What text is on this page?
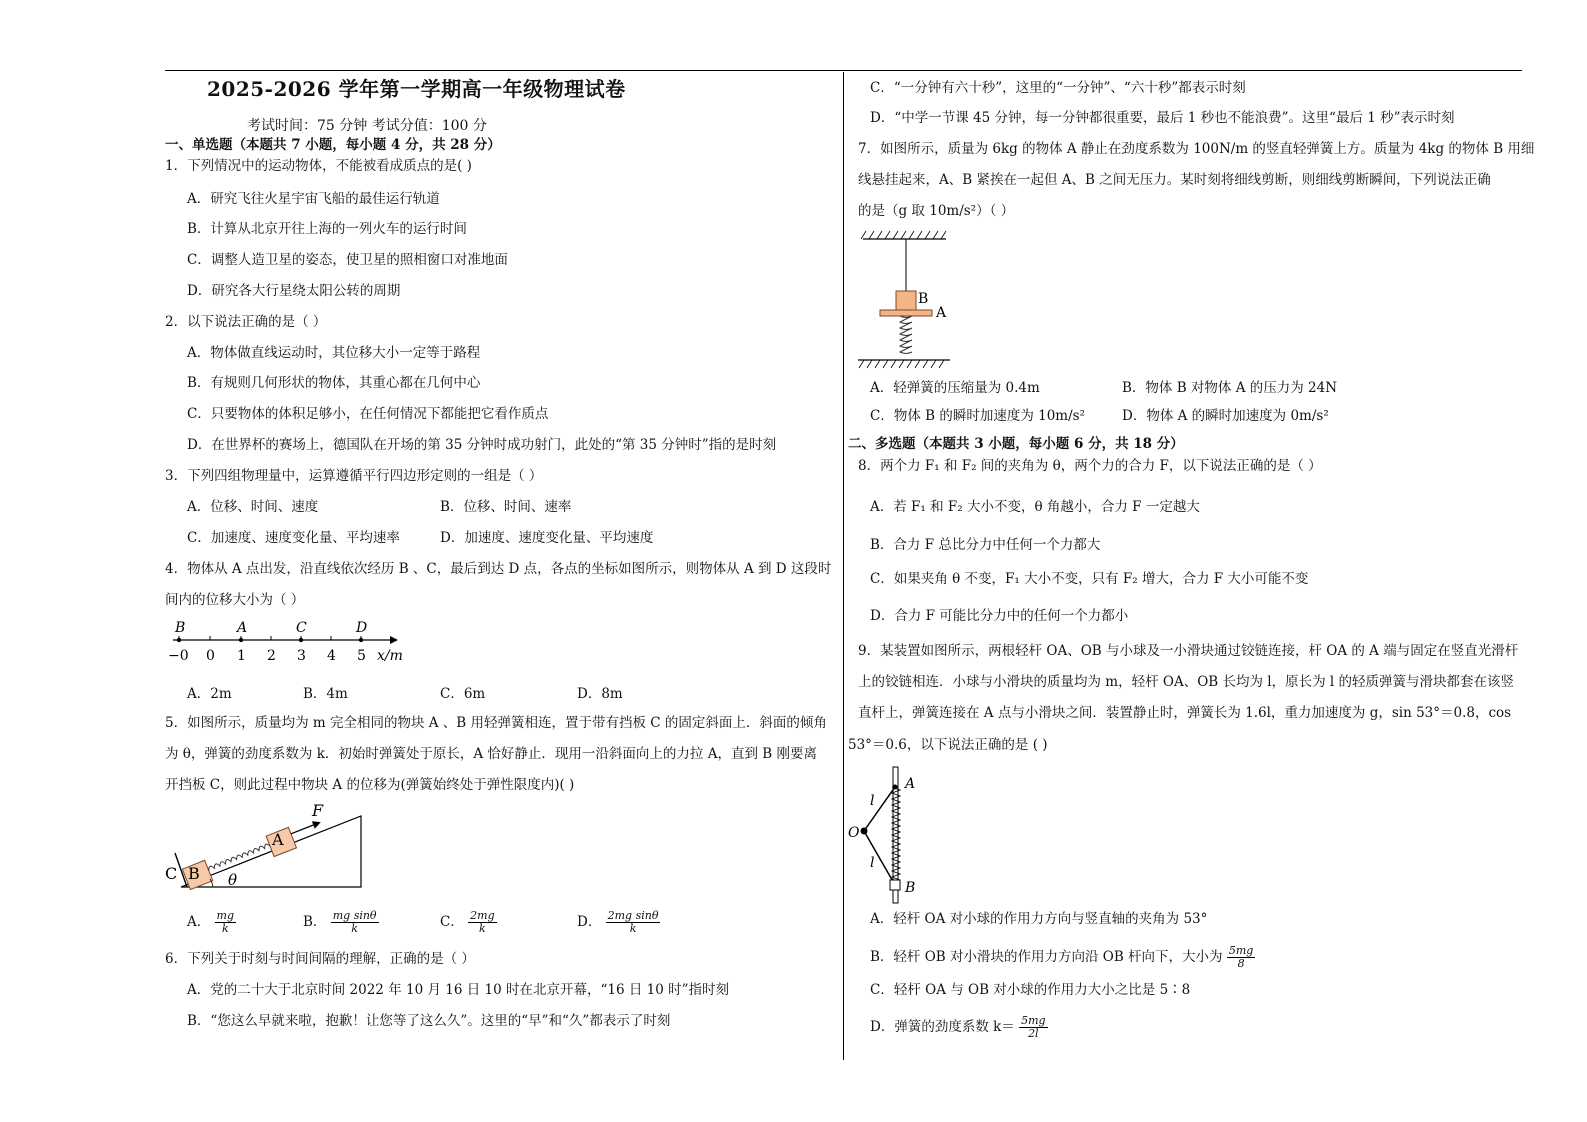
2025-2026 学年第一学期高一年级物理试卷
考试时间：75 分钟 考试分值：100 分
一、单选题（本题共 7 小题，每小题 4 分，共 28 分）
1．下列情况中的运动物体，不能被看成质点的是( )
A．研究飞往火星宇宙飞船的最佳运行轨道
B．计算从北京开往上海的一列火车的运行时间
C．调整人造卫星的姿态，使卫星的照相窗口对准地面
D．研究各大行星绕太阳公转的周期
2．以下说法正确的是（ ）
A．物体做直线运动时，其位移大小一定等于路程
B．有规则几何形状的物体，其重心都在几何中心
C．只要物体的体积足够小，在任何情况下都能把它看作质点
D．在世界杯的赛场上，德国队在开场的第 35 分钟时成功射门，此处的“第 35 分钟时”指的是时刻
3．下列四组物理量中，运算遵循平行四边形定则的一组是（ ）
A．位移、时间、速度	B．位移、时间、速率
C．加速度、速度变化量、平均速率	D．加速度、速度变化量、平均速度
4．物体从 A 点出发，沿直线依次经历 B 、C，最后到达 D 点，各点的坐标如图所示，则物体从 A 到 D 这段时
间内的位移大小为（ ）
B	A	C	D
−0 0 1 2 3 4 5 x/m
A．2m	B．4m	C．6m	D．8m
5．如图所示，质量均为 m 完全相同的物块 A 、B 用轻弹簧相连，置于带有挡板 C 的固定斜面上．斜面的倾角
为 θ，弹簧的劲度系数为 k．初始时弹簧处于原长，A 恰好静止．现用一沿斜面向上的力拉 A，直到 B 刚要离
开挡板 C，则此过程中物块 A 的位移为(弹簧始终处于弹性限度内)( )
C B
A
F
θ
A． $\frac{mg}{k}$	B． $\frac{\text{mg sinθ}}{k}$	C． $\frac{2mg}{k}$	D． $\frac{\text{2mg sinθ}}{k}$
6．下列关于时刻与时间间隔的理解，正确的是（ ）
A．党的二十大于北京时间 2022 年 10 月 16 日 10 时在北京开幕，“16 日 10 时”指时刻
B．“您这么早就来啦，抱歉！让您等了这么久”。这里的“早”和“久”都表示了时刻
C．“一分钟有六十秒”，这里的“一分钟”、“六十秒”都表示时刻
D．“中学一节课 45 分钟，每一分钟都很重要，最后 1 秒也不能浪费”。这里“最后 1 秒”表示时刻
7．如图所示，质量为 6kg 的物体 A 静止在劲度系数为 100N/m 的竖直轻弹簧上方。质量为 4kg 的物体 B 用细
线悬挂起来，A、B 紧挨在一起但 A、B 之间无压力。某时刻将细线剪断，则细线剪断瞬间，下列说法正确
的是（g 取 10m/s²）（ ）
B
A
A．轻弹簧的压缩量为 0.4m	B．物体 B 对物体 A 的压力为 24N
C．物体 B 的瞬时加速度为 10m/s²	D．物体 A 的瞬时加速度为 0m/s²
二、多选题（本题共 3 小题，每小题 6 分，共 18 分）
8．两个力 F₁ 和 F₂ 间的夹角为 θ，两个力的合力 F，以下说法正确的是（ ）
A．若 F₁ 和 F₂ 大小不变，θ 角越小，合力 F 一定越大
B．合力 F 总比分力中任何一个力都大
C．如果夹角 θ 不变，F₁ 大小不变，只有 F₂ 增大，合力 F 大小可能不变
D．合力 F 可能比分力中的任何一个力都小
9．某装置如图所示，两根轻杆 OA、OB 与小球及一小滑块通过铰链连接，杆 OA 的 A 端与固定在竖直光滑杆
上的铰链相连．小球与小滑块的质量均为 m，轻杆 OA、OB 长均为 l，原长为 l 的轻质弹簧与滑块都套在该竖
直杆上，弹簧连接在 A 点与小滑块之间．装置静止时，弹簧长为 1.6l，重力加速度为 g，sin 53°＝0.8，cos
53°＝0.6，以下说法正确的是 ( )
A
B
O
l
l
A．轻杆 OA 对小球的作用力方向与竖直轴的夹角为 53°
B．轻杆 OB 对小滑块的作用力方向沿 OB 杆向下，大小为 $\frac{5mg}{8}$
C．轻杆 OA 与 OB 对小球的作用力大小之比是 5∶8
D．弹簧的劲度系数 $k= \frac{5mg}{2l}$
